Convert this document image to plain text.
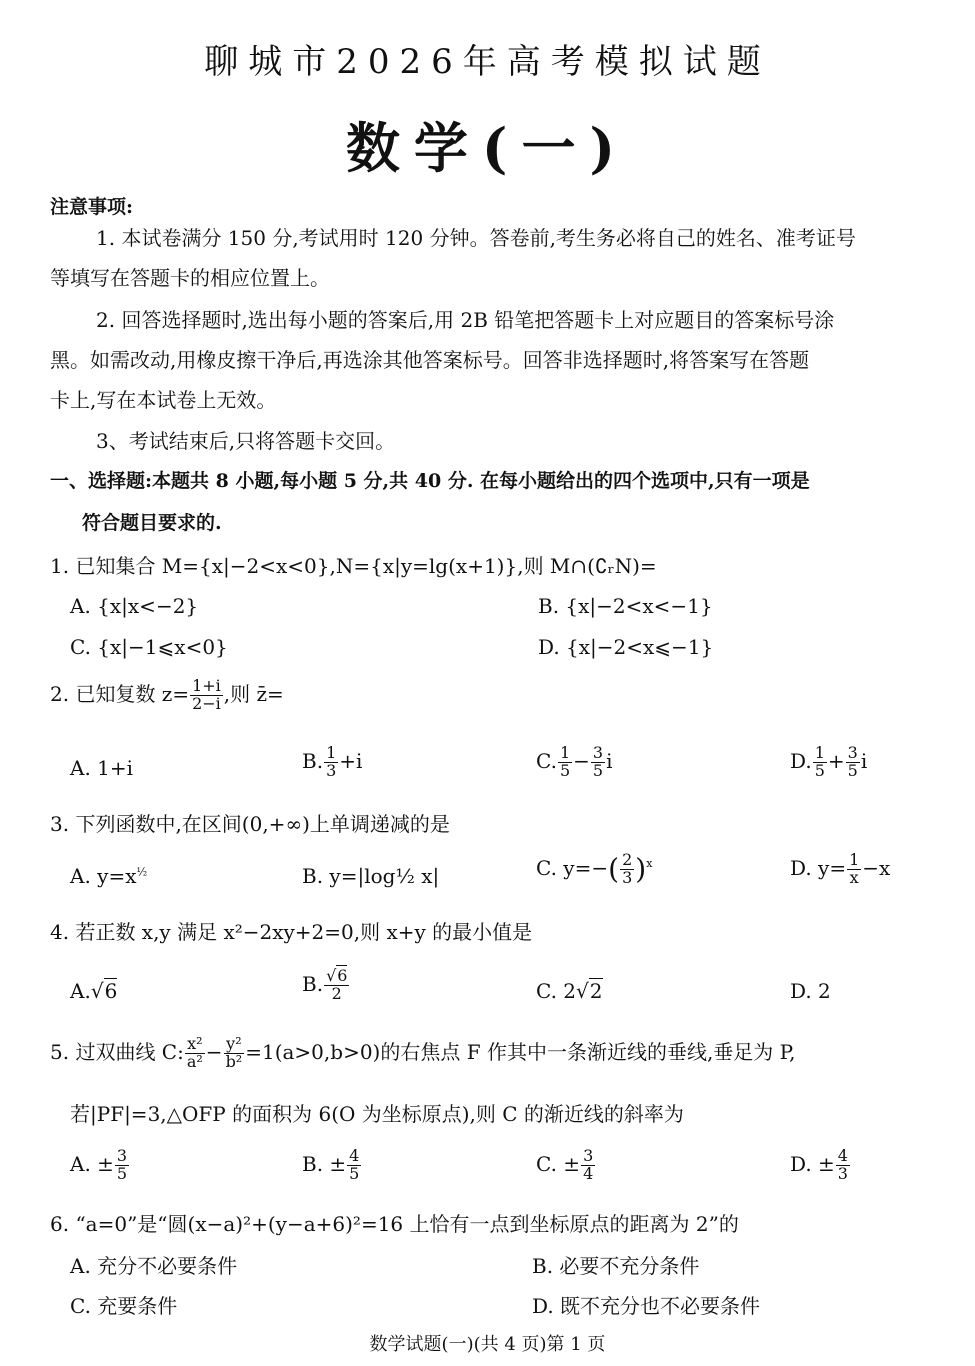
聊城市2026年高考模拟试题
数学(一)
注意事项:
1. 本试卷满分 150 分,考试用时 120 分钟。答卷前,考生务必将自己的姓名、准考证号
等填写在答题卡的相应位置上。
2. 回答选择题时,选出每小题的答案后,用 2B 铅笔把答题卡上对应题目的答案标号涂
黑。如需改动,用橡皮擦干净后,再选涂其他答案标号。回答非选择题时,将答案写在答题
卡上,写在本试卷上无效。
3、考试结束后,只将答题卡交回。
一、选择题:本题共 8 小题,每小题 5 分,共 40 分. 在每小题给出的四个选项中,只有一项是
符合题目要求的.
1. 已知集合 M={x|−2<x<0},N={x|y=lg(x+1)},则 M∩(∁ᵣN)=
A. {x|x<−2}	B. {x|−2<x<−1}
C. {x|−1⩽x<0}	D. {x|−2<x⩽−1}
2. 已知复数 $z= \frac{1+i}{2-i}$ ,则 z̄=
A. 1+i	B. $\frac{1}{3} +i$	C. $\frac{1}{5} - \frac{3}{5}$ i	D. $\frac{1}{5} + \frac{3}{5}$ i
3. 下列函数中,在区间(0,+∞)上单调递减的是
A. $y=x^{\frac{1}{2}}$	B. y=|log½ x|	C. $y=-( \frac{2}{3} )^x$	D. $y= \frac{1}{x} -x$
4. 若正数 x,y 满足 x²−2xy+2=0,则 x+y 的最小值是
A.√6	B. $\frac{√6}{2}$	C. 2√2	D. 2
5. 过双曲线 C: $\frac{\text{x²}}{\text{a²}} - \frac{\text{y²}}{\text{b²}} =1(a>0,b>0)$的右焦点 F 作其中一条渐近线的垂线,垂足为 P,
若|PF|=3,△OFP 的面积为 6(O 为坐标原点),则 C 的渐近线的斜率为
A. ± $\frac{3}{5}$	B. ± $\frac{4}{5}$	C. ± $\frac{3}{4}$	D. ± $\frac{4}{3}$
6. “a=0”是“圆(x−a)²+(y−a+6)²=16 上恰有一点到坐标原点的距离为 2”的
A. 充分不必要条件	B. 必要不充分条件
C. 充要条件	D. 既不充分也不必要条件
数学试题(一)(共 4 页)第 1 页
